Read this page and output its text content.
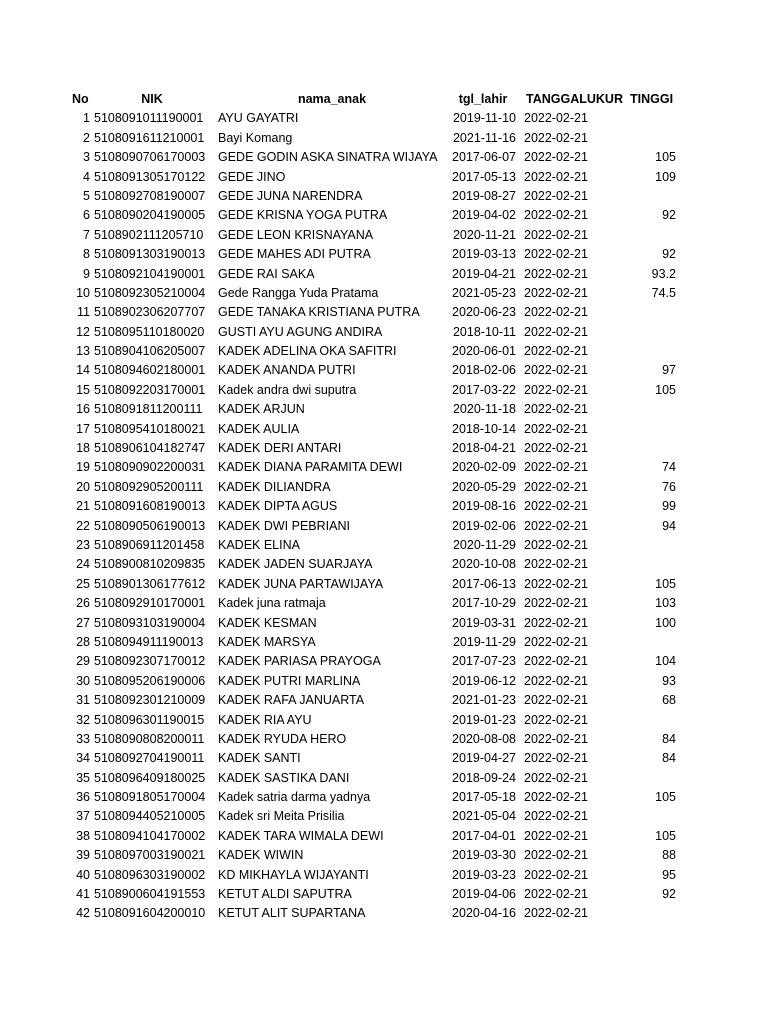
No	NIK	nama_anak	tgl_lahir	TANGGALUKUR TINGGI
1 5108091011190001	AYU GAYATRI	2019-11-10 2022-02-21
2 5108091611210001	Bayi Komang	2021-11-16 2022-02-21
3 5108090706170003	GEDE GODIN ASKA SINATRA WIJAYA	2017-06-07 2022-02-21	105
4 5108091305170122	GEDE JINO	2017-05-13 2022-02-21	109
5 5108092708190007	GEDE JUNA NARENDRA	2019-08-27 2022-02-21
6 5108090204190005	GEDE KRISNA YOGA PUTRA	2019-04-02 2022-02-21	92
7 5108902111205710	GEDE LEON KRISNAYANA	2020-11-21 2022-02-21
8 5108091303190013	GEDE MAHES ADI PUTRA	2019-03-13 2022-02-21	92
9 5108092104190001	GEDE RAI SAKA	2019-04-21 2022-02-21	93.2
10 5108092305210004	Gede Rangga Yuda Pratama	2021-05-23 2022-02-21	74.5
11 5108902306207707	GEDE TANAKA KRISTIANA PUTRA	2020-06-23 2022-02-21
12 5108095110180020	GUSTI AYU AGUNG ANDIRA	2018-10-11 2022-02-21
13 5108904106205007	KADEK ADELINA OKA SAFITRI	2020-06-01 2022-02-21
14 5108094602180001	KADEK ANANDA PUTRI	2018-02-06 2022-02-21	97
15 5108092203170001	Kadek andra dwi suputra	2017-03-22 2022-02-21	105
16 5108091811200111	KADEK ARJUN	2020-11-18 2022-02-21
17 5108095410180021	KADEK AULIA	2018-10-14 2022-02-21
18 5108906104182747	KADEK DERI ANTARI	2018-04-21 2022-02-21
19 5108090902200031	KADEK DIANA PARAMITA DEWI	2020-02-09 2022-02-21	74
20 5108092905200111	KADEK DILIANDRA	2020-05-29 2022-02-21	76
21 5108091608190013	KADEK DIPTA AGUS	2019-08-16 2022-02-21	99
22 5108090506190013	KADEK DWI PEBRIANI	2019-02-06 2022-02-21	94
23 5108906911201458	KADEK ELINA	2020-11-29 2022-02-21
24 5108900810209835	KADEK JADEN SUARJAYA	2020-10-08 2022-02-21
25 5108901306177612	KADEK JUNA PARTAWIJAYA	2017-06-13 2022-02-21	105
26 5108092910170001	Kadek juna ratmaja	2017-10-29 2022-02-21	103
27 5108093103190004	KADEK KESMAN	2019-03-31 2022-02-21	100
28 5108094911190013	KADEK MARSYA	2019-11-29 2022-02-21
29 5108092307170012	KADEK PARIASA PRAYOGA	2017-07-23 2022-02-21	104
30 5108095206190006	KADEK PUTRI MARLINA	2019-06-12 2022-02-21	93
31 5108092301210009	KADEK RAFA JANUARTA	2021-01-23 2022-02-21	68
32 5108096301190015	KADEK RIA AYU	2019-01-23 2022-02-21
33 5108090808200011	KADEK RYUDA HERO	2020-08-08 2022-02-21	84
34 5108092704190011	KADEK SANTI	2019-04-27 2022-02-21	84
35 5108096409180025	KADEK SASTIKA DANI	2018-09-24 2022-02-21
36 5108091805170004	Kadek satria darma yadnya	2017-05-18 2022-02-21	105
37 5108094405210005	Kadek sri Meita Prisilia	2021-05-04 2022-02-21
38 5108094104170002	KADEK TARA WIMALA DEWI	2017-04-01 2022-02-21	105
39 5108097003190021	KADEK WIWIN	2019-03-30 2022-02-21	88
40 5108096303190002	KD MIKHAYLA WIJAYANTI	2019-03-23 2022-02-21	95
41 5108900604191553	KETUT ALDI SAPUTRA	2019-04-06 2022-02-21	92
42 5108091604200010	KETUT ALIT SUPARTANA	2020-04-16 2022-02-21
